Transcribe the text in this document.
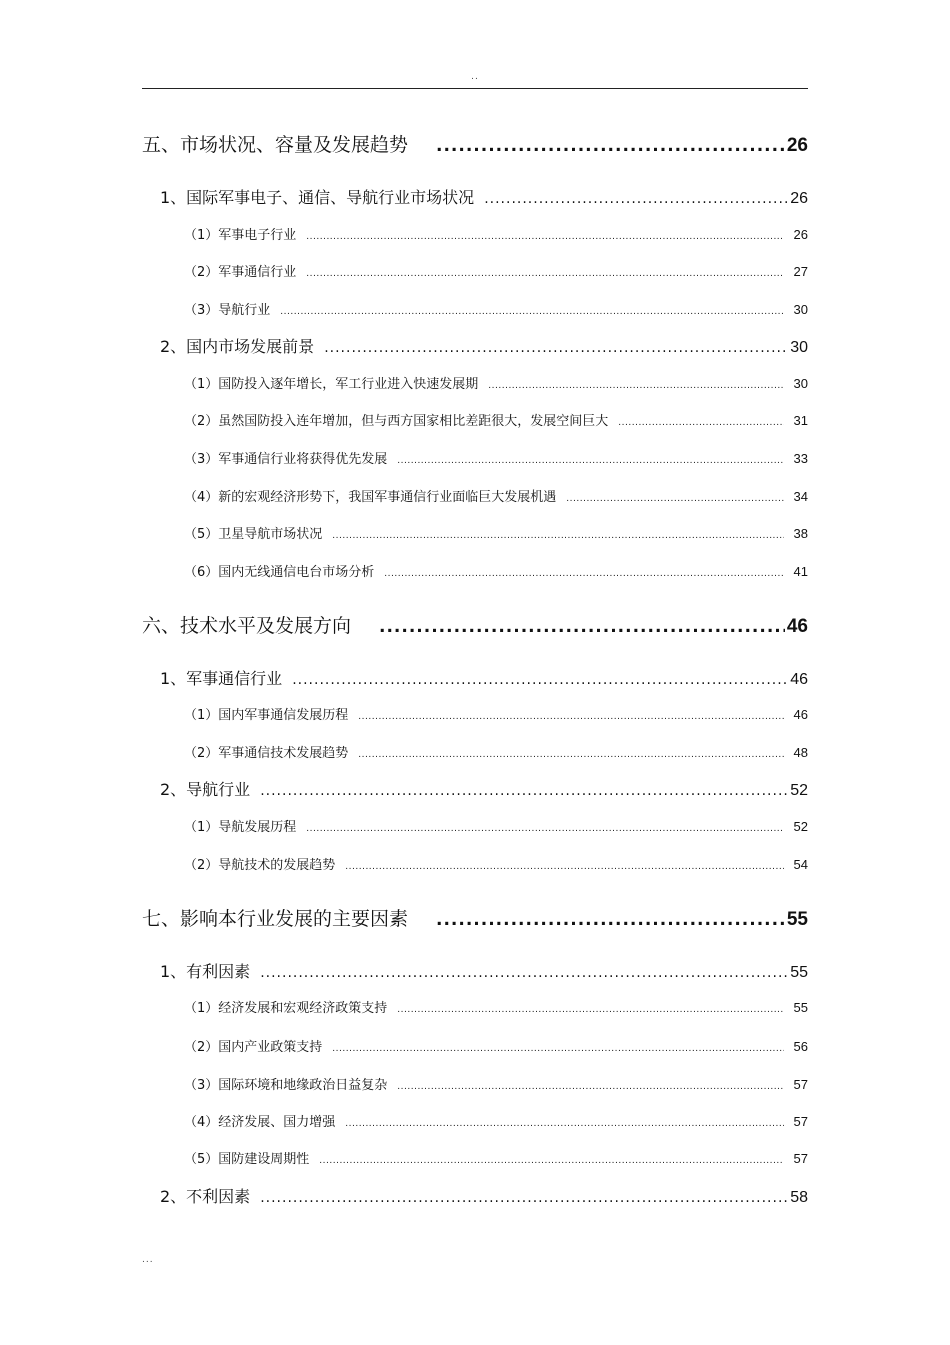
..
五、市场状况、容量及发展趋势 .....	26
1、国际军事电子、通信、导航行业市场状况 .....	26
（1）军事电子行业 .....	26
（2）军事通信行业 .....	27
（3）导航行业 .....	30
2、国内市场发展前景 .....	30
（1）国防投入逐年增长，军工行业进入快速发展期 .....	30
（2）虽然国防投入连年增加，但与西方国家相比差距很大，发展空间巨大 .....	31
（3）军事通信行业将获得优先发展 .....	33
（4）新的宏观经济形势下，我国军事通信行业面临巨大发展机遇 .....	34
（5）卫星导航市场状况 .....	38
（6）国内无线通信电台市场分析 .....	41
六、技术水平及发展方向 .....	46
1、军事通信行业 .....	46
（1）国内军事通信发展历程 .....	46
（2）军事通信技术发展趋势 .....	48
2、导航行业 .....	52
（1）导航发展历程 .....	52
（2）导航技术的发展趋势 .....	54
七、影响本行业发展的主要因素 .....	55
1、有利因素 .....	55
（1）经济发展和宏观经济政策支持 .....	55
（2）国内产业政策支持 .....	56
（3）国际环境和地缘政治日益复杂 .....	57
（4）经济发展、国力增强 .....	57
（5）国防建设周期性 .....	57
2、不利因素 .....	58
...
